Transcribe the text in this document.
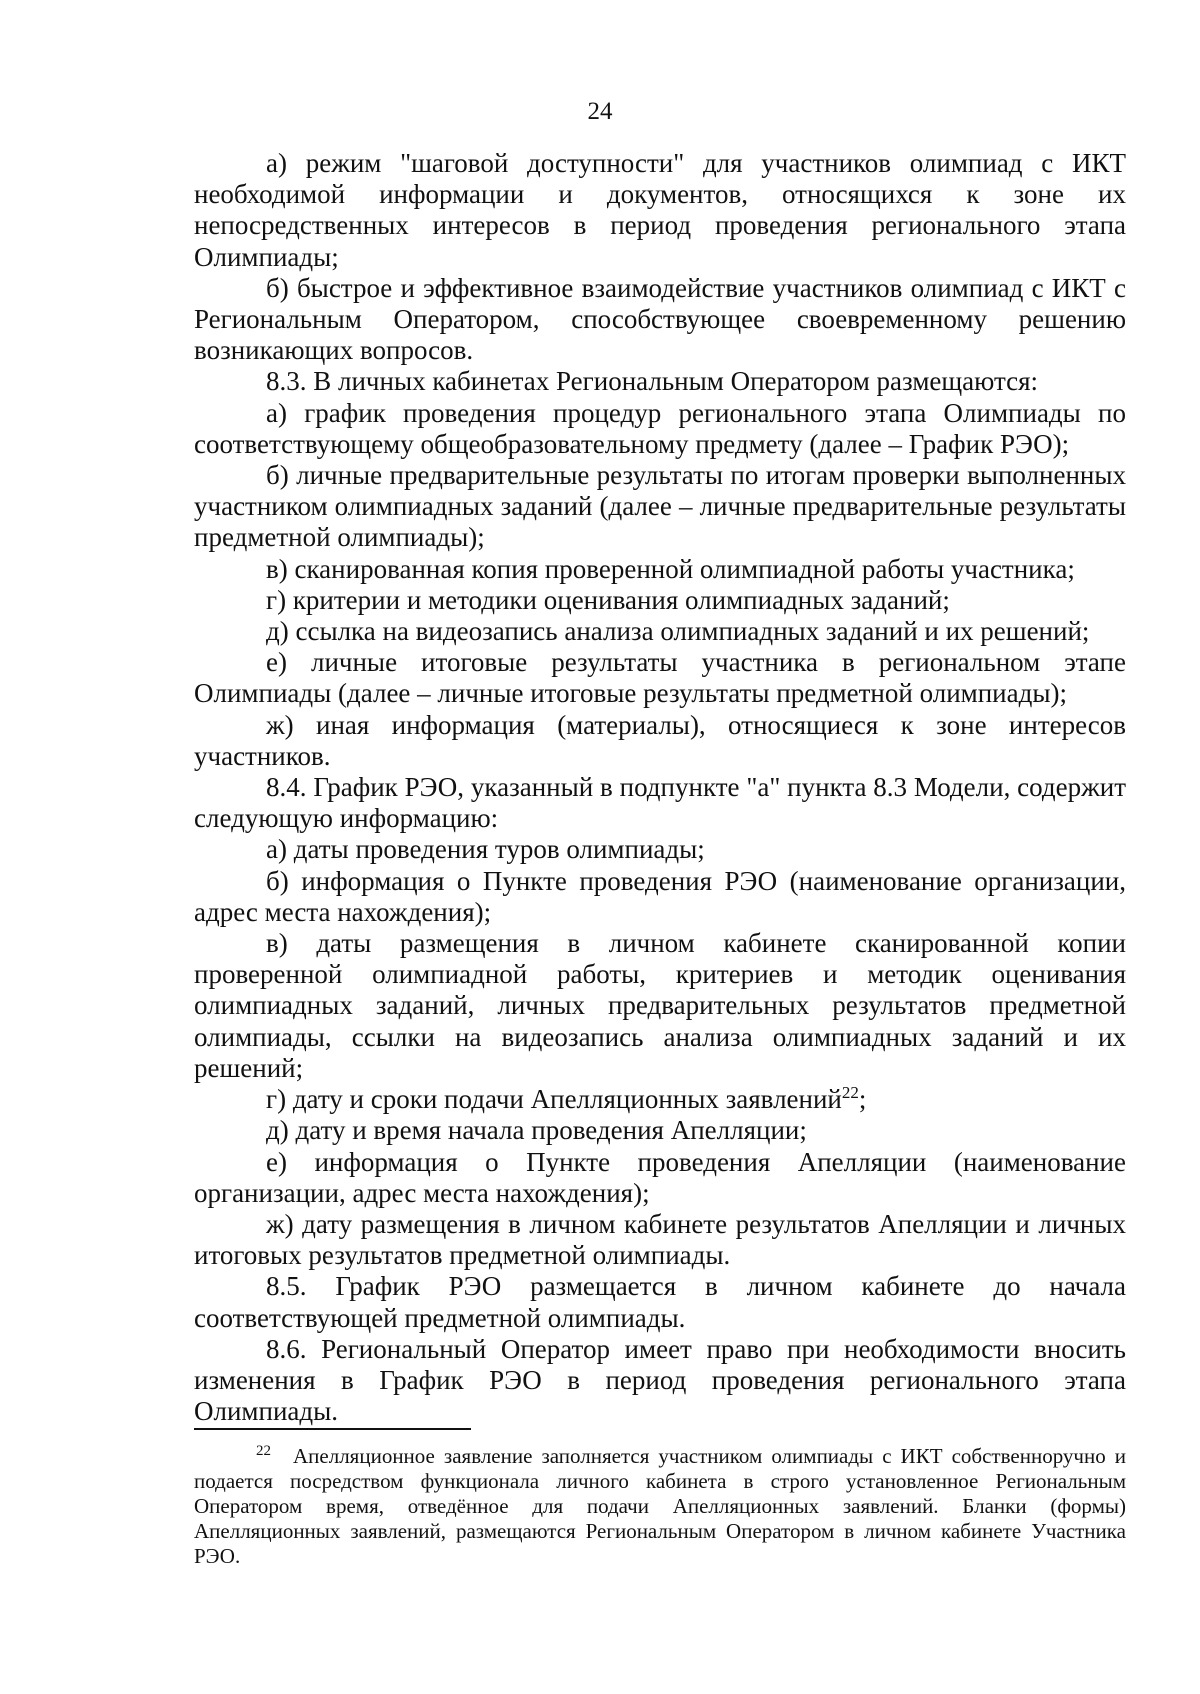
24

а) режим "шаговой доступности" для участников олимпиад с ИКТ необходимой информации и документов, относящихся к зоне их непосредственных интересов в период проведения регионального этапа Олимпиады;

б) быстрое и эффективное взаимодействие участников олимпиад с ИКТ с Региональным Оператором, способствующее своевременному решению возникающих вопросов.

8.3. В личных кабинетах Региональным Оператором размещаются:

а) график проведения процедур регионального этапа Олимпиады по соответствующему общеобразовательному предмету (далее – График РЭО);

б) личные предварительные результаты по итогам проверки выполненных участником олимпиадных заданий (далее – личные предварительные результаты предметной олимпиады);

в) сканированная копия проверенной олимпиадной работы участника;

г) критерии и методики оценивания олимпиадных заданий;

д) ссылка на видеозапись анализа олимпиадных заданий и их решений;

е) личные итоговые результаты участника в региональном этапе Олимпиады (далее – личные итоговые результаты предметной олимпиады);

ж) иная информация (материалы), относящиеся к зоне интересов участников.

8.4. График РЭО, указанный в подпункте "а" пункта 8.3 Модели, содержит следующую информацию:

а) даты проведения туров олимпиады;

б) информация о Пункте проведения РЭО (наименование организации, адрес места нахождения);

в) даты размещения в личном кабинете сканированной копии проверенной олимпиадной работы, критериев и методик оценивания олимпиадных заданий, личных предварительных результатов предметной олимпиады, ссылки на видеозапись анализа олимпиадных заданий и их решений;

г) дату и сроки подачи Апелляционных заявлений$^{22}$;

д) дату и время начала проведения Апелляции;

е) информация о Пункте проведения Апелляции (наименование организации, адрес места нахождения);

ж) дату размещения в личном кабинете результатов Апелляции и личных итоговых результатов предметной олимпиады.

8.5. График РЭО размещается в личном кабинете до начала соответствующей предметной олимпиады.

8.6. Региональный Оператор имеет право при необходимости вносить изменения в График РЭО в период проведения регионального этапа Олимпиады.

$^{22}$ Апелляционное заявление заполняется участником олимпиады с ИКТ собственноручно и подается посредством функционала личного кабинета в строго установленное Региональным Оператором время, отведённое для подачи Апелляционных заявлений. Бланки (формы) Апелляционных заявлений, размещаются Региональным Оператором в личном кабинете Участника РЭО.
